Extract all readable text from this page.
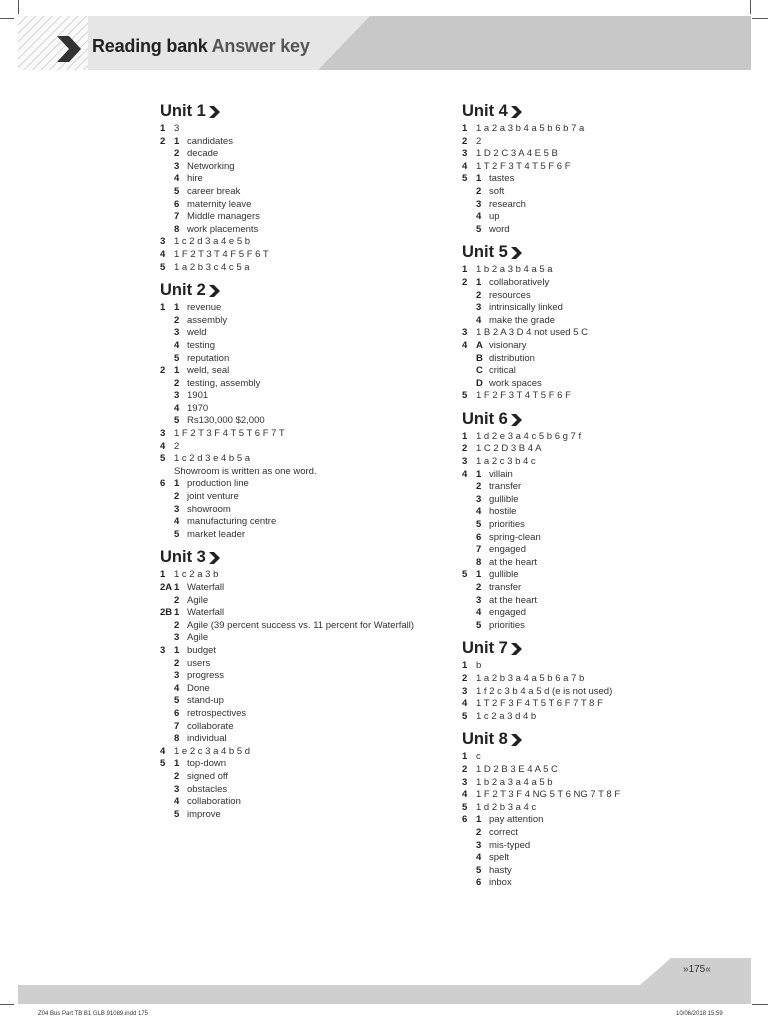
Reading bank Answer key
Unit 1
1 3
2 1 candidates
2 decade
3 Networking
4 hire
5 career break
6 maternity leave
7 Middle managers
8 work placements
3 1 c 2 d 3 a 4 e 5 b
4 1 F 2 T 3 T 4 F 5 F 6 T
5 1 a 2 b 3 c 4 c 5 a
Unit 2
1 1 revenue
2 assembly
3 weld
4 testing
5 reputation
2 1 weld, seal
2 testing, assembly
3 1901
4 1970
5 Rs130,000 $2,000
3 1 F 2 T 3 F 4 T 5 T 6 F 7 T
4 2
5 1 c 2 d 3 e 4 b 5 a
Showroom is written as one word.
6 1 production line
2 joint venture
3 showroom
4 manufacturing centre
5 market leader
Unit 3
1 1 c 2 a 3 b
2A 1 Waterfall
2 Agile
2B 1 Waterfall
2 Agile (39 percent success vs. 11 percent for Waterfall)
3 Agile
3 1 budget
2 users
3 progress
4 Done
5 stand-up
6 retrospectives
7 collaborate
8 individual
4 1 e 2 c 3 a 4 b 5 d
5 1 top-down
2 signed off
3 obstacles
4 collaboration
5 improve
Unit 4
1 1 a 2 a 3 b 4 a 5 b 6 b 7 a
2 2
3 1 D 2 C 3 A 4 E 5 B
4 1 T 2 F 3 T 4 T 5 F 6 F
5 1 tastes
2 soft
3 research
4 up
5 word
Unit 5
1 1 b 2 a 3 b 4 a 5 a
2 1 collaboratively
2 resources
3 intrinsically linked
4 make the grade
3 1 B 2 A 3 D 4 not used 5 C
4 A visionary
B distribution
C critical
D work spaces
5 1 F 2 F 3 T 4 T 5 F 6 F
Unit 6
1 1 d 2 e 3 a 4 c 5 b 6 g 7 f
2 1 C 2 D 3 B 4 A
3 1 a 2 c 3 b 4 c
4 1 villain
2 transfer
3 gullible
4 hostile
5 priorities
6 spring-clean
7 engaged
8 at the heart
5 1 gullible
2 transfer
3 at the heart
4 engaged
5 priorities
Unit 7
1 b
2 1 a 2 b 3 a 4 a 5 b 6 a 7 b
3 1 f 2 c 3 b 4 a 5 d (e is not used)
4 1 T 2 F 3 F 4 T 5 T 6 F 7 T 8 F
5 1 c 2 a 3 d 4 b
Unit 8
1 c
2 1 D 2 B 3 E 4 A 5 C
3 1 b 2 a 3 a 4 a 5 b
4 1 F 2 T 3 F 4 NG 5 T 6 NG 7 T 8 F
5 1 d 2 b 3 a 4 c
6 1 pay attention
2 correct
3 mis-typed
4 spelt
5 hasty
6 inbox
»175«
Z04 Bus Part TB B1 GLB 91089.indd 175	10/06/2018 15:59
